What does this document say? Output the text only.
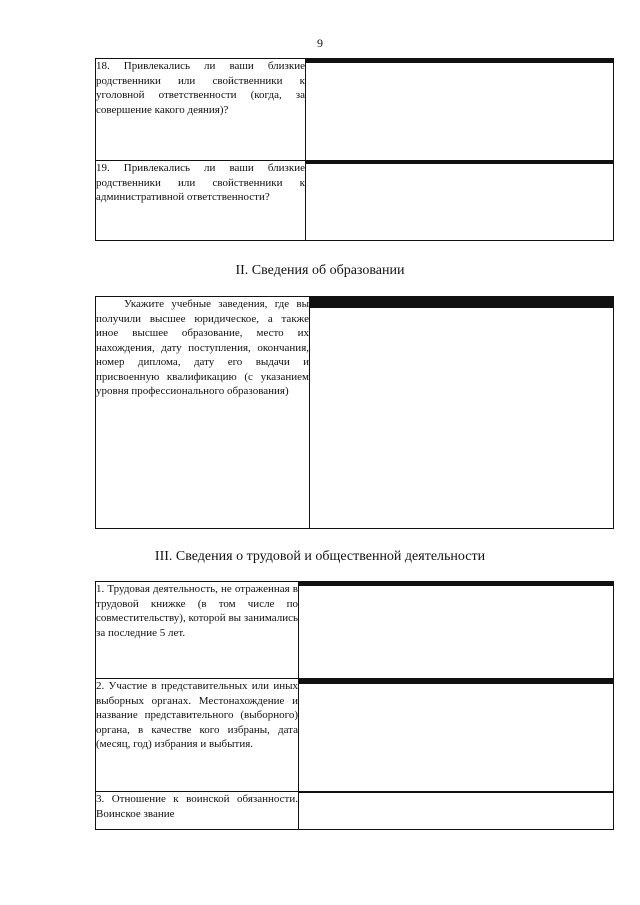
9
18. Привлекались ли ваши близкие родственники или свойственники к уголовной ответственности (когда, за совершение какого деяния)?	

19. Привлекались ли ваши близкие родственники или свойственники к административной ответственности?	
II. Сведения об образовании
Укажите учебные заведения, где вы получили высшее юридическое, а также иное высшее образование, место их нахождения, дату поступления, окончания, номер диплома, дату его выдачи и присвоенную квалификацию (с указанием уровня профессионального образования)	
III. Сведения о трудовой и общественной деятельности
1. Трудовая деятельность, не отраженная в трудовой книжке (в том числе по совместительству), которой вы занимались за последние 5 лет.	

2. Участие в представительных или иных выборных органах. Местонахождение и название представительного (выборного) органа, в качестве кого избраны, дата (месяц, год) избрания и выбытия.	

3. Отношение к воинской обязанности. Воинское звание	
